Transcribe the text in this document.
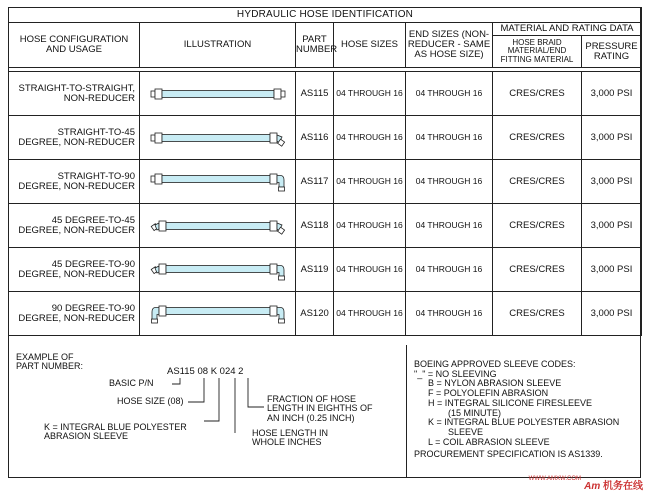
HYDRAULIC HOSE IDENTIFICATION						
HOSE CONFIGURATION AND USAGE	ILLUSTRATION	PART NUMBER	HOSE SIZES	END SIZES (NON-REDUCER - SAME AS HOSE SIZE)	MATERIAL AND RATING DATA	
					HOSE BRAID MATERIAL/END FITTING MATERIAL	PRESSURE RATING

STRAIGHT-TO-STRAIGHT,
NON-REDUCER		AS115	04 THROUGH 16	04 THROUGH 16	CRES/CRES	3,000 PSI
STRAIGHT-TO-45
DEGREE, NON-REDUCER		AS116	04 THROUGH 16	04 THROUGH 16	CRES/CRES	3,000 PSI
STRAIGHT-TO-90
DEGREE, NON-REDUCER		AS117	04 THROUGH 16	04 THROUGH 16	CRES/CRES	3,000 PSI
45 DEGREE-TO-45
DEGREE, NON-REDUCER		AS118	04 THROUGH 16	04 THROUGH 16	CRES/CRES	3,000 PSI
45 DEGREE-TO-90
DEGREE, NON-REDUCER		AS119	04 THROUGH 16	04 THROUGH 16	CRES/CRES	3,000 PSI
90 DEGREE-TO-90
DEGREE, NON-REDUCER		AS120	04 THROUGH 16	04 THROUGH 16	CRES/CRES	3,000 PSI
EXAMPLE OF
PART NUMBER:	AS115 08 K 024 2
BASIC P/N
HOSE SIZE (08)
K = INTEGRAL BLUE POLYESTER
ABRASION SLEEVE	HOSE LENGTH IN
WHOLE INCHES
FRACTION OF HOSE
LENGTH IN EIGHTHS OF
AN INCH (0.25 INCH)
BOEING APPROVED SLEEVE CODES:
"_" = NO SLEEVING
B = NYLON ABRASION SLEEVE
F = POLYOLEFIN ABRASION
H = INTEGRAL SILICONE FIRESLEEVE
(15 MINUTE)
K = INTEGRAL BLUE POLYESTER ABRASION
SLEEVE
L = COIL ABRASION SLEEVE
PROCUREMENT SPECIFICATION IS AS1339.
WWW.AMXW.COM
Am 机务在线
